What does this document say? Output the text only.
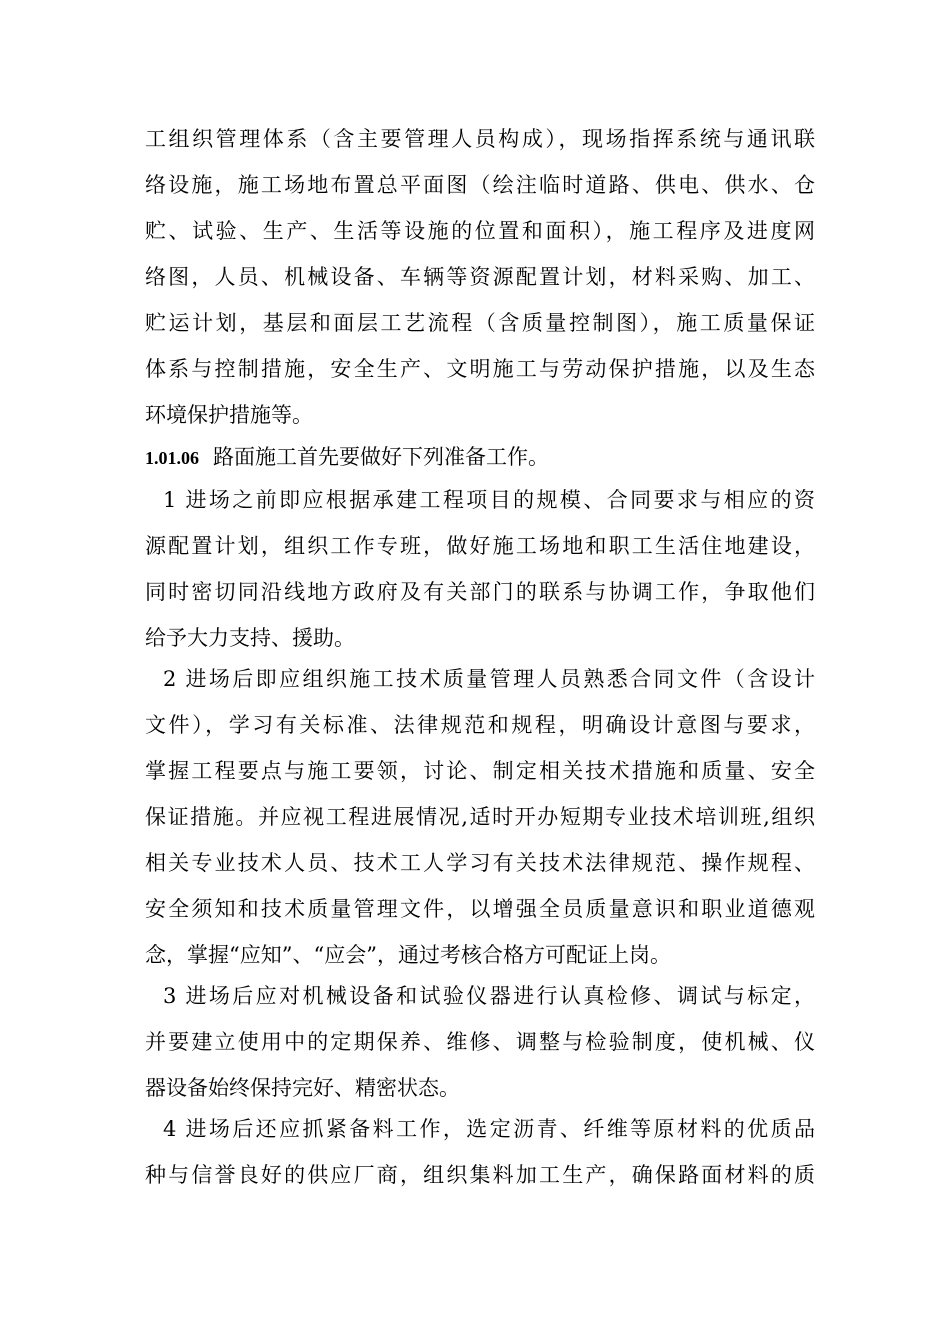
工组织管理体系（含主要管理人员构成），现场指挥系统与通讯联
络设施，施工场地布置总平面图（绘注临时道路、供电、供水、仓
贮、试验、生产、生活等设施的位置和面积），施工程序及进度网
络图，人员、机械设备、车辆等资源配置计划，材料采购、加工、
贮运计划，基层和面层工艺流程（含质量控制图），施工质量保证
体系与控制措施，安全生产、文明施工与劳动保护措施，以及生态
环境保护措施等。
1.01.06 路面施工首先要做好下列准备工作。
1 进场之前即应根据承建工程项目的规模、合同要求与相应的资
源配置计划，组织工作专班，做好施工场地和职工生活住地建设，
同时密切同沿线地方政府及有关部门的联系与协调工作，争取他们
给予大力支持、援助。
2 进场后即应组织施工技术质量管理人员熟悉合同文件（含设计
文件），学习有关标准、法律规范和规程，明确设计意图与要求，
掌握工程要点与施工要领，讨论、制定相关技术措施和质量、安全
保证措施。并应视工程进展情况,适时开办短期专业技术培训班,组织
相关专业技术人员、技术工人学习有关技术法律规范、操作规程、
安全须知和技术质量管理文件，以增强全员质量意识和职业道德观
念，掌握“应知”、“应会”，通过考核合格方可配证上岗。
3 进场后应对机械设备和试验仪器进行认真检修、调试与标定，
并要建立使用中的定期保养、维修、调整与检验制度，使机械、仪
器设备始终保持完好、精密状态。
4 进场后还应抓紧备料工作，选定沥青、纤维等原材料的优质品
种与信誉良好的供应厂商，组织集料加工生产，确保路面材料的质
